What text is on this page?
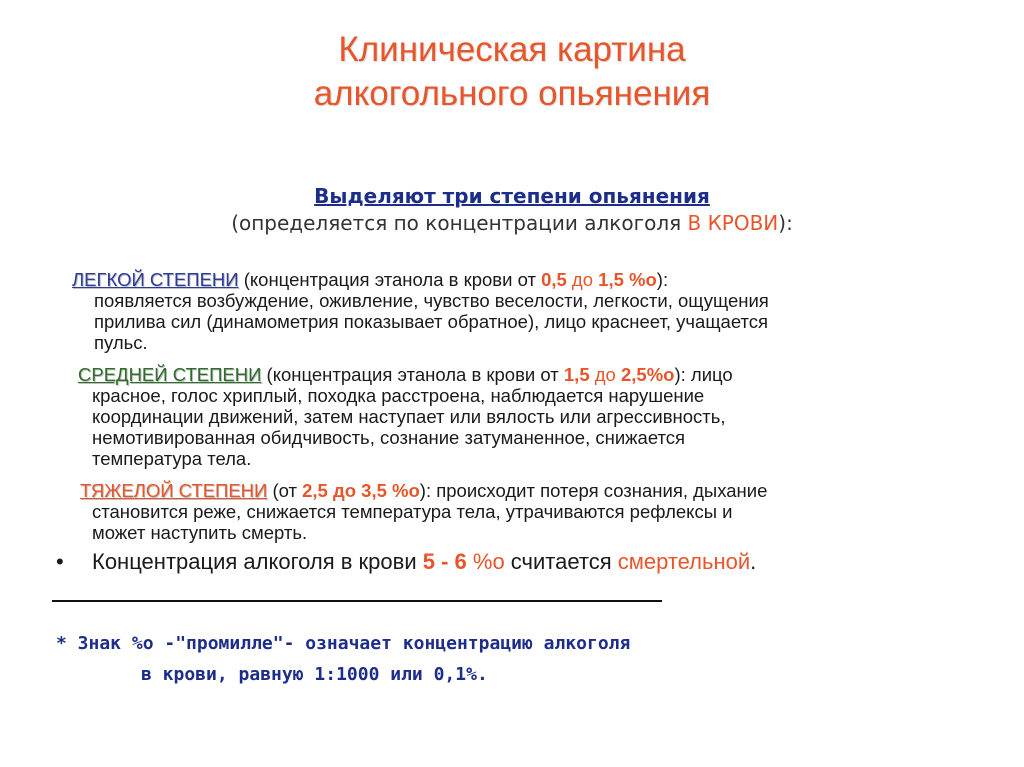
Клиническая картина
алкогольного опьянения
Выделяют три степени опьянения
(определяется по концентрации алкоголя В КРОВИ):
ЛЕГКОЙ СТЕПЕНИ (концентрация этанола в крови от 0,5 до 1,5 %o):
появляется возбуждение, оживление, чувство веселости, легкости, ощущения
прилива сил (динамометрия показывает обратное), лицо краснеет, учащается
пульс.
СРЕДНЕЙ СТЕПЕНИ (концентрация этанола в крови от 1,5 до 2,5%o): лицо
красное, голос хриплый, походка расстроена, наблюдается нарушение
координации движений, затем наступает или вялость или агрессивность,
немотивированная обидчивость, сознание затуманенное, снижается
температура тела.
ТЯЖЕЛОЙ СТЕПЕНИ (от 2,5 до 3,5 %o): происходит потеря сознания, дыхание
становится реже, снижается температура тела, утрачиваются рефлексы и
может наступить смерть.
• Концентрация алкоголя в крови 5 - 6 %o считается смертельной.
* Знак %o -"промилле"- означает концентрацию алкоголя
в крови, равную 1:1000 или 0,1%.
